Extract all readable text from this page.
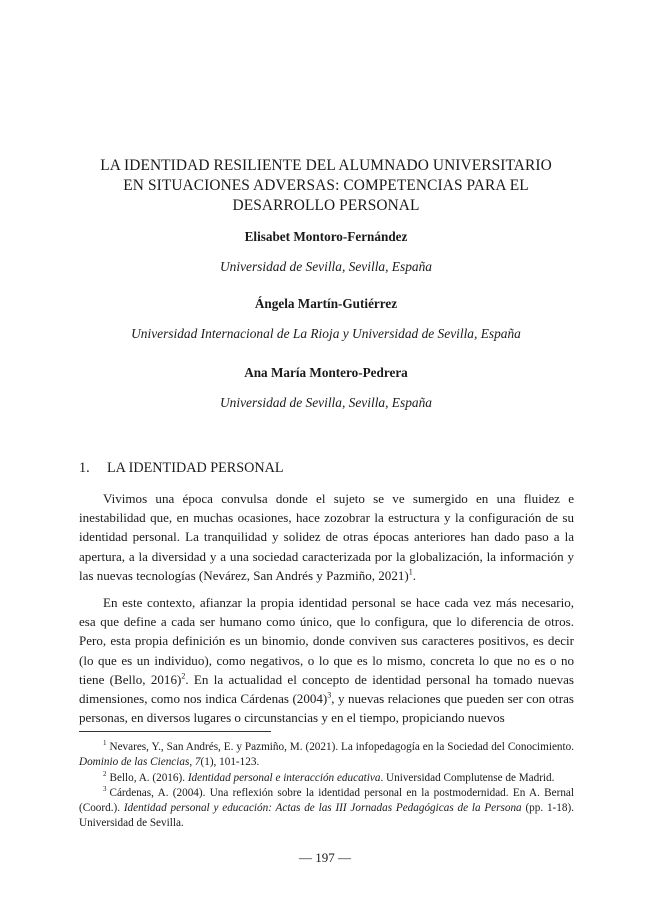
LA IDENTIDAD RESILIENTE DEL ALUMNADO UNIVERSITARIO
EN SITUACIONES ADVERSAS: COMPETENCIAS PARA EL
DESARROLLO PERSONAL

Elisabet Montoro-Fernández

Universidad de Sevilla, Sevilla, España

Ángela Martín-Gutiérrez

Universidad Internacional de La Rioja y Universidad de Sevilla, España

Ana María Montero-Pedrera

Universidad de Sevilla, Sevilla, España

1. LA IDENTIDAD PERSONAL

Vivimos una época convulsa donde el sujeto se ve sumergido en una fluidez e inestabilidad que, en muchas ocasiones, hace zozobrar la estructura y la configuración de su identidad personal. La tranquilidad y solidez de otras épocas anteriores han dado paso a la apertura, a la diversidad y a una sociedad caracterizada por la globalización, la información y las nuevas tecnologías (Nevárez, San Andrés y Pazmiño, 2021)$^1$.

En este contexto, afianzar la propia identidad personal se hace cada vez más necesario, esa que define a cada ser humano como único, que lo configura, que lo diferencia de otros. Pero, esta propia definición es un binomio, donde conviven sus caracteres positivos, es decir (lo que es un individuo), como negativos, o lo que es lo mismo, concreta lo que no es o no tiene (Bello, 2016)$^2$. En la actualidad el concepto de identidad personal ha tomado nuevas dimensiones, como nos indica Cárdenas $(2004)^3$, y nuevas relaciones que pueden ser con otras personas, en diversos lugares o circunstancias y en el tiempo, propiciando nuevos

$^1$ Nevares, Y., San Andrés, E. y Pazmiño, M. (2021). La infopedagogía en la Sociedad del Conocimiento. Dominio de las Ciencias, 7(1), 101-123.

$^2$ Bello, A. (2016). Identidad personal e interacción educativa. Universidad Complutense de Madrid.

$^3$ Cárdenas, A. (2004). Una reflexión sobre la identidad personal en la postmodernidad. En A. Bernal (Coord.). Identidad personal y educación: Actas de las III Jornadas Pedagógicas de la Persona (pp. 1-18). Universidad de Sevilla.

— 197 —
